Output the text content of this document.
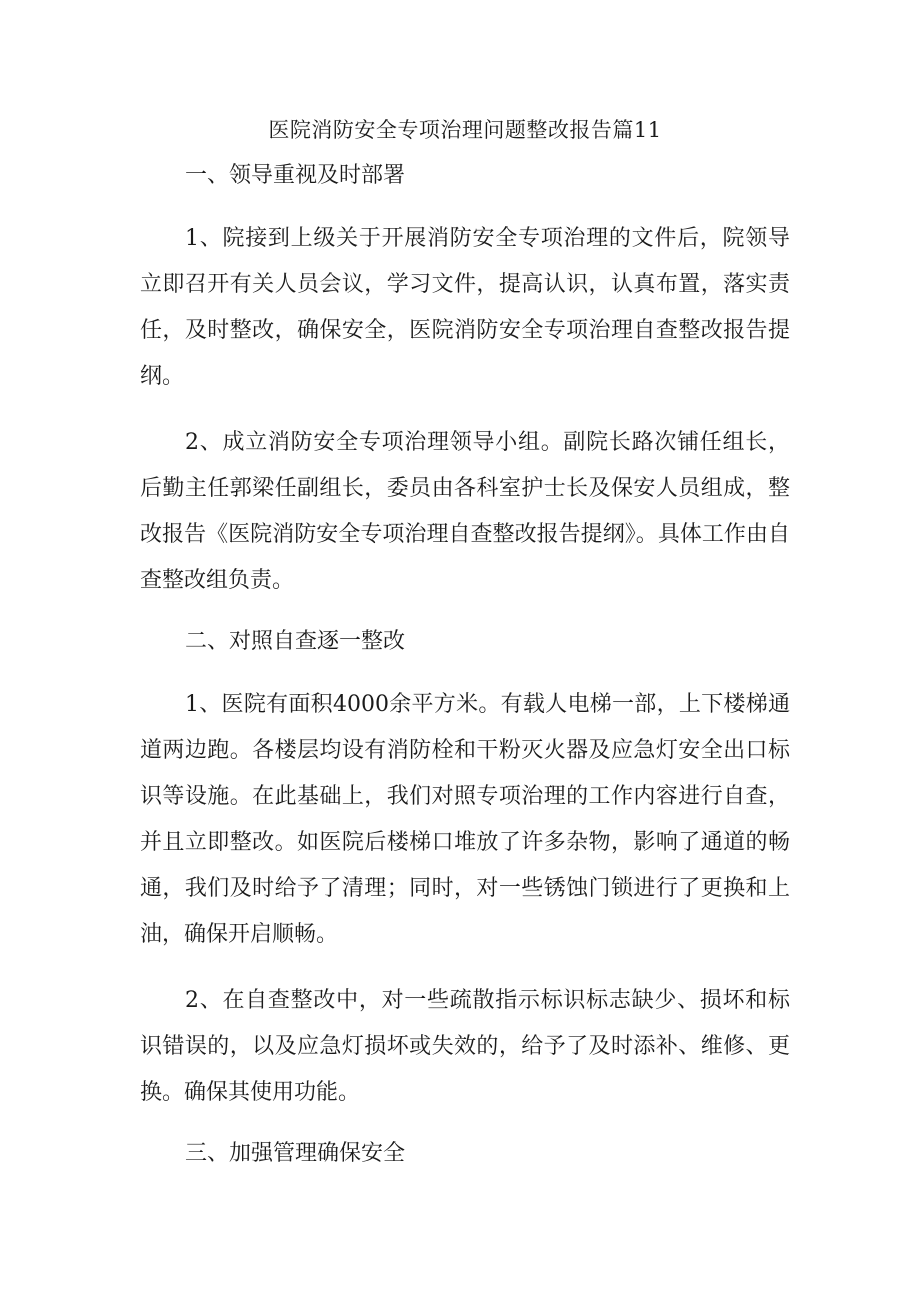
医院消防安全专项治理问题整改报告篇11

一、领导重视及时部署

1、院接到上级关于开展消防安全专项治理的文件后，院领导立即召开有关人员会议，学习文件，提高认识，认真布置，落实责任，及时整改，确保安全，医院消防安全专项治理自查整改报告提纲。

2、成立消防安全专项治理领导小组。副院长路次铺任组长，后勤主任郭梁任副组长，委员由各科室护士长及保安人员组成，整改报告《医院消防安全专项治理自查整改报告提纲》。具体工作由自查整改组负责。

二、对照自查逐一整改

1、医院有面积4000余平方米。有载人电梯一部，上下楼梯通道两边跑。各楼层均设有消防栓和干粉灭火器及应急灯安全出口标识等设施。在此基础上，我们对照专项治理的工作内容进行自查，并且立即整改。如医院后楼梯口堆放了许多杂物，影响了通道的畅通，我们及时给予了清理；同时，对一些锈蚀门锁进行了更换和上油，确保开启顺畅。

2、在自查整改中，对一些疏散指示标识标志缺少、损坏和标识错误的，以及应急灯损坏或失效的，给予了及时添补、维修、更换。确保其使用功能。

三、加强管理确保安全
